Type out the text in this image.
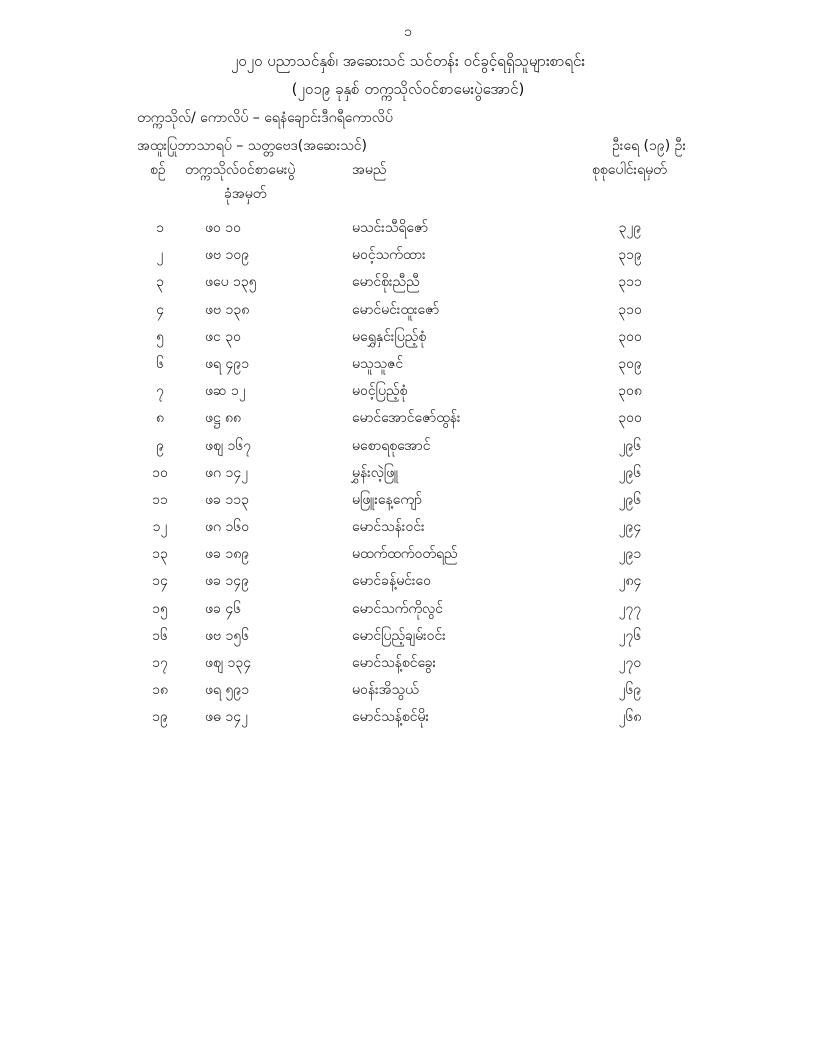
၁
၂၀၂၀ ပညာသင်နှစ်၊ အဆေးသင် သင်တန်း ဝင်ခွင့်ရရှိသူများစာရင်း
(၂၀၁၉ ခုနှစ် တက္ကသိုလ်ဝင်စာမေးပွဲအောင်)
တက္ကသိုလ်/ ကောလိပ် – ရေနံချောင်းဒီဂရီကောလိပ်
အထူးပြုဘာသာရပ် – သတ္တဗေဒ(အဆေးသင်)	ဦးရေ (၁၉) ဦး
စဉ် တက္ကသိုလ်ဝင်စာမေးပွဲ
ခုံအမှတ်
အမည်	စုစုပေါင်းရမှတ်
၁	ဖဝ ၁၀	မသင်းသီရိဇော်	၃၂၉
၂	ဖဗ ၁၀၉	မဝင့်သက်ထား	၃၁၉
၃	ဖပေ ၁၃၅	မောင်စိုးညီညီ	၃၁၁
၄	ဖဗ ၁၃၈	မောင်မင်းထူးဇော်	၃၁၀
၅	ဖင ၃၀	မရွှေနှင်းပြည့်စုံ	၃၀၀
၆	ဖရ ၄၉၁	မသူသူဇင်	၃၀၉
၇	ဖဆ ၁၂	မဝင့်ပြည့်စုံ	၃၀၈
၈	ဖဋ္ဌ ၈၈	မောင်အောင်ဇော်ထွန်း	၃၀၀
၉	ဖစျ ၁၆၇	မစောရစုအောင်	၂၉၆
၁၀	ဖဂ ၁၄၂	မွှန်းလဲ့ဖြူ	၂၉၆
၁၁	ဖခ ၁၁၃	မဖြူးနေ့ကျော်	၂၉၆
၁၂	ဖဂ ၁၆၀	မောင်သန်းဝင်း	၂၉၄
၁၃	ဖခ ၁၈၉	မထက်ထက်ဝတ်ရည်	၂၉၁
၁၄	ဖခ ၁၄၉	မောင်ခန့်မင်းဝေ	၂၈၄
၁၅	ဖခ ၄၆	မောင်သက်ကိုလွင်	၂၇၇
၁၆	ဖဗ ၁၅၆	မောင်ပြည့်ချမ်းဝင်း	၂၇၆
၁၇	ဖစျ ၁၃၄	မောင်သန့်စင်ခွေး	၂၇၀
၁၈	ဖရ ၅၉၁	မဝန်းအိသွယ်	၂၆၉
၁၉	ဖဓ ၁၄၂	မောင်သန့်စင်မိုး	၂၆၈
